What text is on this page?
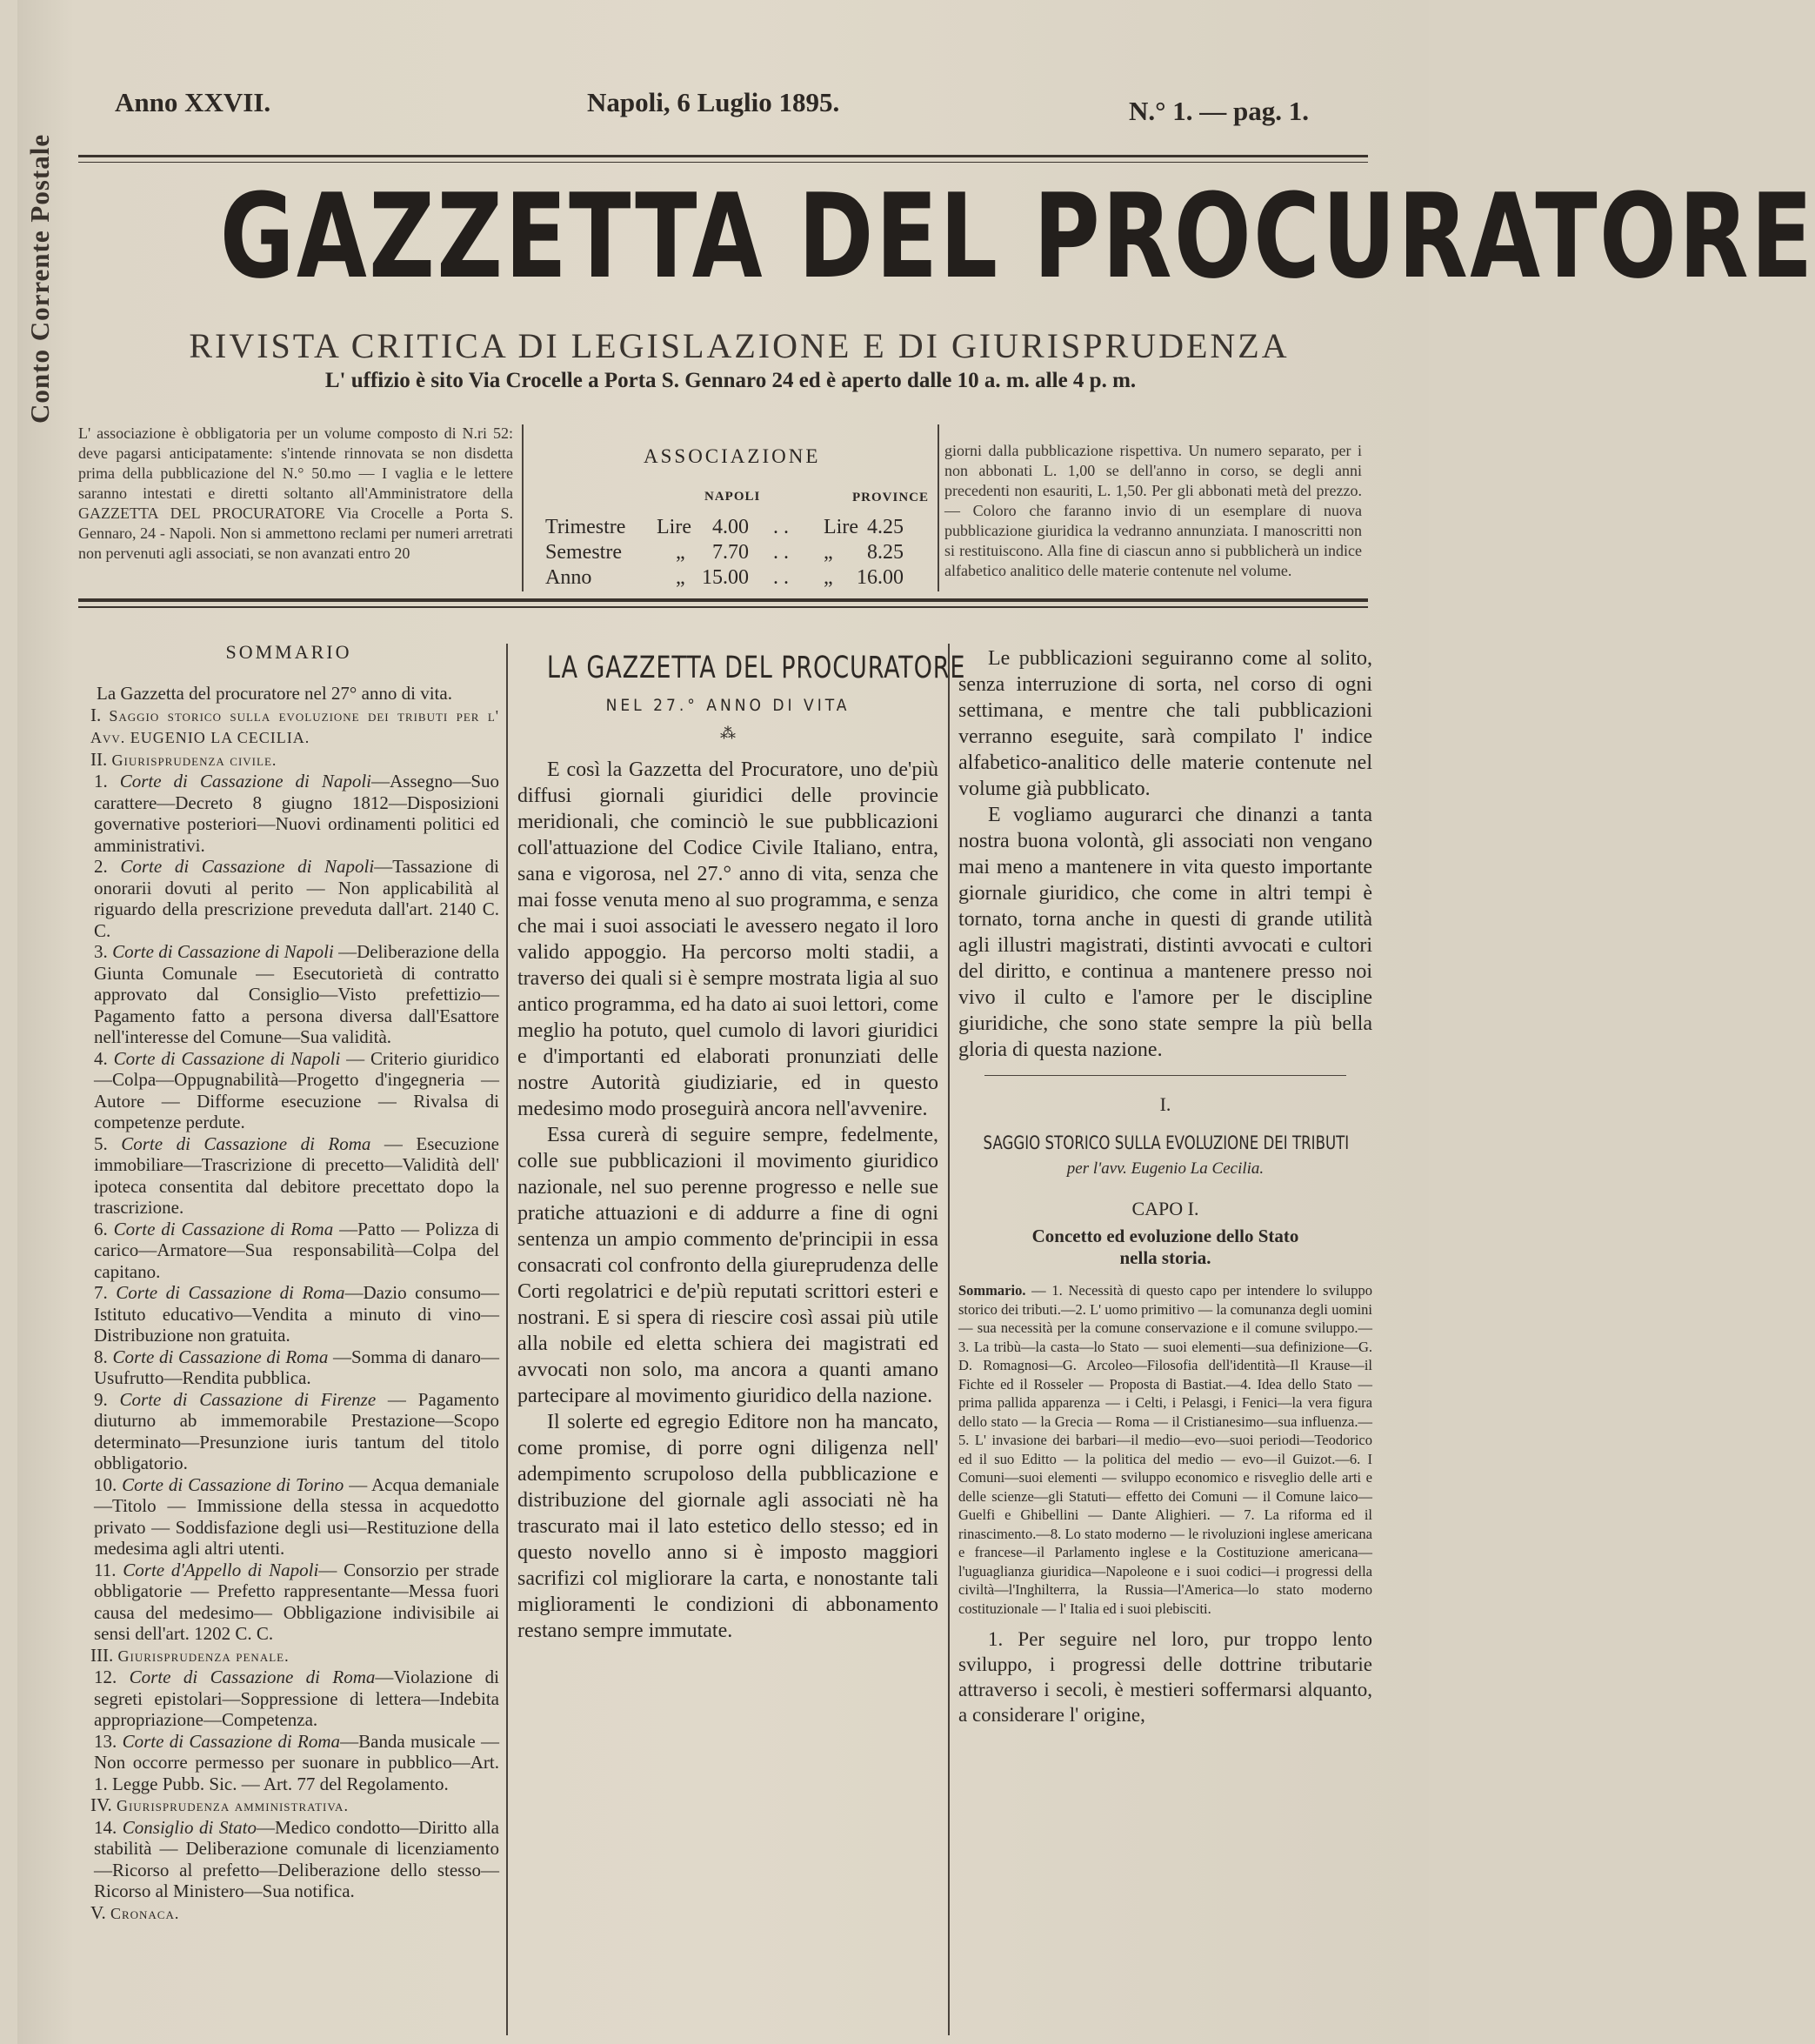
Conto Corrente Postale
Anno XXVII.	Napoli, 6 Luglio 1895.	N.° 1. — pag. 1.
GAZZETTA DEL PROCURATORE
RIVISTA CRITICA DI LEGISLAZIONE E DI GIURISPRUDENZA
L' uffizio è sito Via Crocelle a Porta S. Gennaro 24 ed è aperto dalle 10 a. m. alle 4 p. m.
L' associazione è obbligatoria per un volume composto di N.ri 52: deve pagarsi anticipatamente: s'intende rinnovata se non disdetta prima della pubblicazione del N.° 50.mo — I vaglia e le lettere saranno intestati e diretti soltanto all'Amministratore della GAZZETTA DEL PROCURATORE Via Crocelle a Porta S. Gennaro, 24 - Napoli. Non si ammettono reclami per numeri arretrati non pervenuti agli associati, se non avanzati entro 20
ASSOCIAZIONE
NAPOLI	PROVINCE
Trimestre Lire 4.00 . . Lire 4.25
Semestre	„ 7.70 . . „ 8.25
Anno	„ 15.00 . . „ 16.00
giorni dalla pubblicazione rispettiva. Un numero separato, per i non abbonati L. 1,00 se dell'anno in corso, se degli anni precedenti non esauriti, L. 1,50. Per gli abbonati metà del prezzo. — Coloro che faranno invio di un esemplare di nuova pubblicazione giuridica la vedranno annunziata. I manoscritti non si restituiscono. Alla fine di ciascun anno si pubblicherà un indice alfabetico analitico delle materie contenute nel volume.
SOMMARIO

La Gazzetta del procuratore nel 27° anno di vita.

I. Saggio storico sulla evoluzione dei tributi per l' Avv. EUGENIO LA CECILIA.
II. Giurisprudenza civile.
1. Corte di Cassazione di Napoli—Assegno—Suo carattere—Decreto 8 giugno 1812—Disposizioni governative posteriori—Nuovi ordinamenti politici ed amministrativi.
2. Corte di Cassazione di Napoli—Tassazione di onorarii dovuti al perito — Non applicabilità al riguardo della prescrizione preveduta dall'art. 2140 C. C.
3. Corte di Cassazione di Napoli —Deliberazione della Giunta Comunale — Esecutorietà di contratto approvato dal Consiglio—Visto prefettizio—Pagamento fatto a persona diversa dall'Esattore nell'interesse del Comune—Sua validità.
4. Corte di Cassazione di Napoli — Criterio giuridico—Colpa—Oppugnabilità—Progetto d'ingegneria — Autore — Difforme esecuzione — Rivalsa di competenze perdute.
5. Corte di Cassazione di Roma — Esecuzione immobiliare—Trascrizione di precetto—Validità dell' ipoteca consentita dal debitore precettato dopo la trascrizione.
6. Corte di Cassazione di Roma —Patto — Polizza di carico—Armatore—Sua responsabilità—Colpa del capitano.
7. Corte di Cassazione di Roma—Dazio consumo—Istituto educativo—Vendita a minuto di vino—Distribuzione non gratuita.
8. Corte di Cassazione di Roma —Somma di danaro—Usufrutto—Rendita pubblica.
9. Corte di Cassazione di Firenze — Pagamento diuturno ab immemorabile Prestazione—Scopo determinato—Presunzione iuris tantum del titolo obbligatorio.
10. Corte di Cassazione di Torino — Acqua demaniale—Titolo — Immissione della stessa in acquedotto privato — Soddisfazione degli usi—Restituzione della medesima agli altri utenti.
11. Corte d'Appello di Napoli— Consorzio per strade obbligatorie — Prefetto rappresentante—Messa fuori causa del medesimo— Obbligazione indivisibile ai sensi dell'art. 1202 C. C.
III. Giurisprudenza penale.
12. Corte di Cassazione di Roma—Violazione di segreti epistolari—Soppressione di lettera—Indebita appropriazione—Competenza.
13. Corte di Cassazione di Roma—Banda musicale — Non occorre permesso per suonare in pubblico—Art. 1. Legge Pubb. Sic. — Art. 77 del Regolamento.
IV. Giurisprudenza amministrativa.
14. Consiglio di Stato—Medico condotto—Diritto alla stabilità — Deliberazione comunale di licenziamento—Ricorso al prefetto—Deliberazione dello stesso—Ricorso al Ministero—Sua notifica.
V. Cronaca.
LA GAZZETTA DEL PROCURATORE
NEL 27.° ANNO DI VITA
⁂

E così la Gazzetta del Procuratore, uno de'più diffusi giornali giuridici delle provincie meridionali, che cominciò le sue pubblicazioni coll'attuazione del Codice Civile Italiano, entra, sana e vigorosa, nel 27.° anno di vita, senza che mai fosse venuta meno al suo programma, e senza che mai i suoi associati le avessero negato il loro valido appoggio. Ha percorso molti stadii, a traverso dei quali si è sempre mostrata ligia al suo antico programma, ed ha dato ai suoi lettori, come meglio ha potuto, quel cumolo di lavori giuridici e d'importanti ed elaborati pronunziati delle nostre Autorità giudiziarie, ed in questo medesimo modo proseguirà ancora nell'avvenire.

Essa curerà di seguire sempre, fedelmente, colle sue pubblicazioni il movimento giuridico nazionale, nel suo perenne progresso e nelle sue pratiche attuazioni e di addurre a fine di ogni sentenza un ampio commento de'principii in essa consacrati col confronto della giureprudenza delle Corti regolatrici e de'più reputati scrittori esteri e nostrani. E si spera di riescire così assai più utile alla nobile ed eletta schiera dei magistrati ed avvocati non solo, ma ancora a quanti amano partecipare al movimento giuridico della nazione.

Il solerte ed egregio Editore non ha mancato, come promise, di porre ogni diligenza nell' adempimento scrupoloso della pubblicazione e distribuzione del giornale agli associati nè ha trascurato mai il lato estetico dello stesso; ed in questo novello anno si è imposto maggiori sacrifizi col migliorare la carta, e nonostante tali miglioramenti le condizioni di abbonamento restano sempre immutate.

Le pubblicazioni seguiranno come al solito, senza interruzione di sorta, nel corso di ogni settimana, e mentre che tali pubblicazioni verranno eseguite, sarà compilato l' indice alfabetico-analitico delle materie contenute nel volume già pubblicato.

E vogliamo augurarci che dinanzi a tanta nostra buona volontà, gli associati non vengano mai meno a mantenere in vita questo importante giornale giuridico, che come in altri tempi è tornato, torna anche in questi di grande utilità agli illustri magistrati, distinti avvocati e cultori del diritto, e continua a mantenere presso noi vivo il culto e l'amore per le discipline giuridiche, che sono state sempre la più bella gloria di questa nazione.

I.
SAGGIO STORICO SULLA EVOLUZIONE DEI TRIBUTI
per l'avv. Eugenio La Cecilia.
CAPO I.
Concetto ed evoluzione dello Stato nella storia.
Sommario. — 1. Necessità di questo capo per intendere lo sviluppo storico dei tributi.—2. L' uomo primitivo — la comunanza degli uomini — sua necessità per la comune conservazione e il comune sviluppo.— 3. La tribù—la casta—lo Stato — suoi elementi—sua definizione—G. D. Romagnosi—G. Arcoleo—Filosofia dell'identità—Il Krause—il Fichte ed il Rosseler — Proposta di Bastiat.—4. Idea dello Stato — prima pallida apparenza — i Celti, i Pelasgi, i Fenici—la vera figura dello stato — la Grecia — Roma — il Cristianesimo—sua influenza.—5. L' invasione dei barbari—il medio—evo—suoi periodi—Teodorico ed il suo Editto — la politica del medio — evo—il Guizot.—6. I Comuni—suoi elementi — sviluppo economico e risveglio delle arti e delle scienze—gli Statuti— effetto dei Comuni — il Comune laico— Guelfi e Ghibellini — Dante Alighieri. — 7. La riforma ed il rinascimento.—8. Lo stato moderno — le rivoluzioni inglese americana e francese—il Parlamento inglese e la Costituzione americana—l'uguaglianza giuridica—Napoleone e i suoi codici—i progressi della civiltà—l'Inghilterra, la Russia—l'America—lo stato moderno costituzionale — l' Italia ed i suoi plebisciti.

1. Per seguire nel loro, pur troppo lento sviluppo, i progressi delle dottrine tributarie attraverso i secoli, è mestieri soffermarsi alquanto, a considerare l' origine,
